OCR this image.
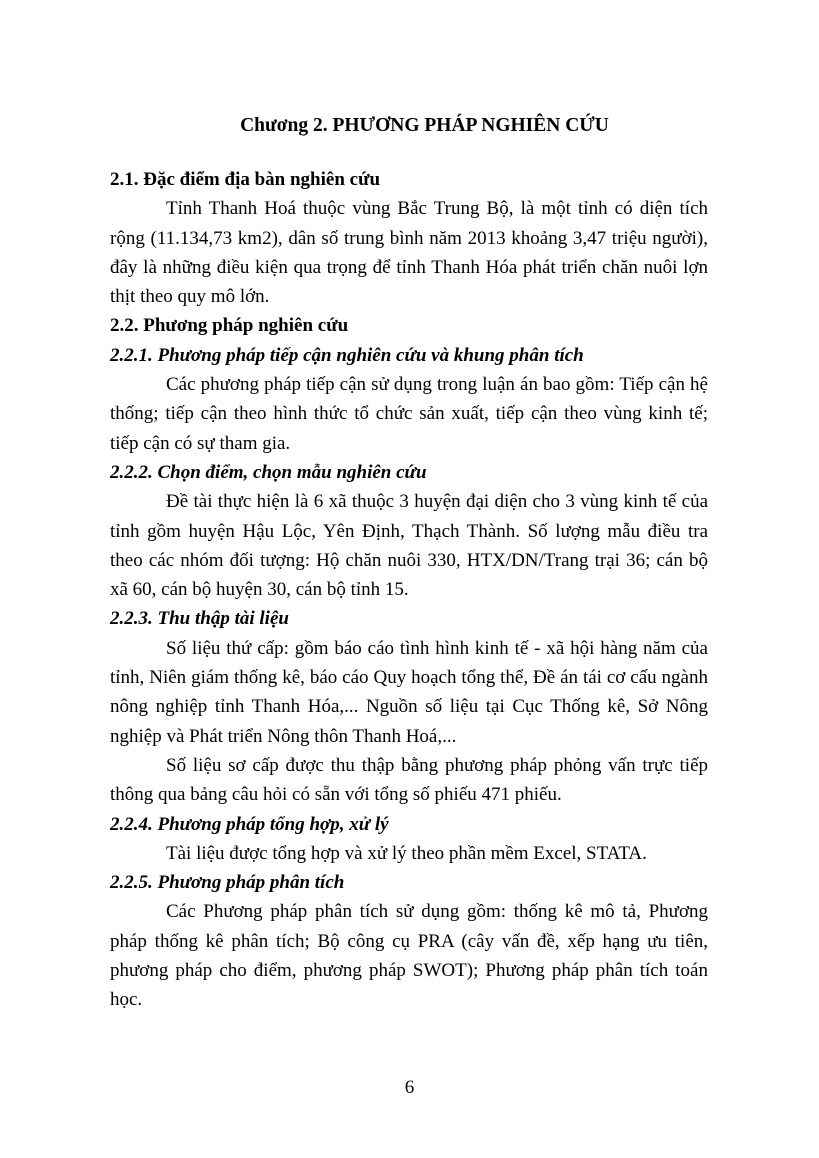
Chương 2. PHƯƠNG PHÁP NGHIÊN CỨU

2.1. Đặc điểm địa bàn nghiên cứu

Tỉnh Thanh Hoá thuộc vùng Bắc Trung Bộ, là một tỉnh có diện tích rộng (11.134,73 km2), dân số trung bình năm 2013 khoảng 3,47 triệu người), đây là những điều kiện qua trọng để tỉnh Thanh Hóa phát triển chăn nuôi lợn thịt theo quy mô lớn.

2.2. Phương pháp nghiên cứu

2.2.1. Phương pháp tiếp cận nghiên cứu và khung phân tích

Các phương pháp tiếp cận sử dụng trong luận án bao gồm: Tiếp cận hệ thống; tiếp cận theo hình thức tổ chức sản xuất, tiếp cận theo vùng kinh tế; tiếp cận có sự tham gia.

2.2.2. Chọn điểm, chọn mẫu nghiên cứu

Đề tài thực hiện là 6 xã thuộc 3 huyện đại diện cho 3 vùng kinh tế của tỉnh gồm huyện Hậu Lộc, Yên Định, Thạch Thành. Số lượng mẫu điều tra theo các nhóm đối tượng: Hộ chăn nuôi 330, HTX/DN/Trang trại 36; cán bộ xã 60, cán bộ huyện 30, cán bộ tỉnh 15.

2.2.3. Thu thập tài liệu

Số liệu thứ cấp: gồm báo cáo tình hình kinh tế - xã hội hàng năm của tỉnh, Niên giám thống kê, báo cáo Quy hoạch tổng thể, Đề án tái cơ cấu ngành nông nghiệp tỉnh Thanh Hóa,... Nguồn số liệu tại Cục Thống kê, Sở Nông nghiệp và Phát triển Nông thôn Thanh Hoá,...

Số liệu sơ cấp được thu thập bằng phương pháp phỏng vấn trực tiếp thông qua bảng câu hỏi có sẵn với tổng số phiếu 471 phiếu.

2.2.4. Phương pháp tổng hợp, xử lý

Tài liệu được tổng hợp và xử lý theo phần mềm Excel, STATA.

2.2.5. Phương pháp phân tích

Các Phương pháp phân tích sử dụng gồm: thống kê mô tả, Phương pháp thống kê phân tích; Bộ công cụ PRA (cây vấn đề, xếp hạng ưu tiên, phương pháp cho điểm, phương pháp SWOT); Phương pháp phân tích toán học.

6
